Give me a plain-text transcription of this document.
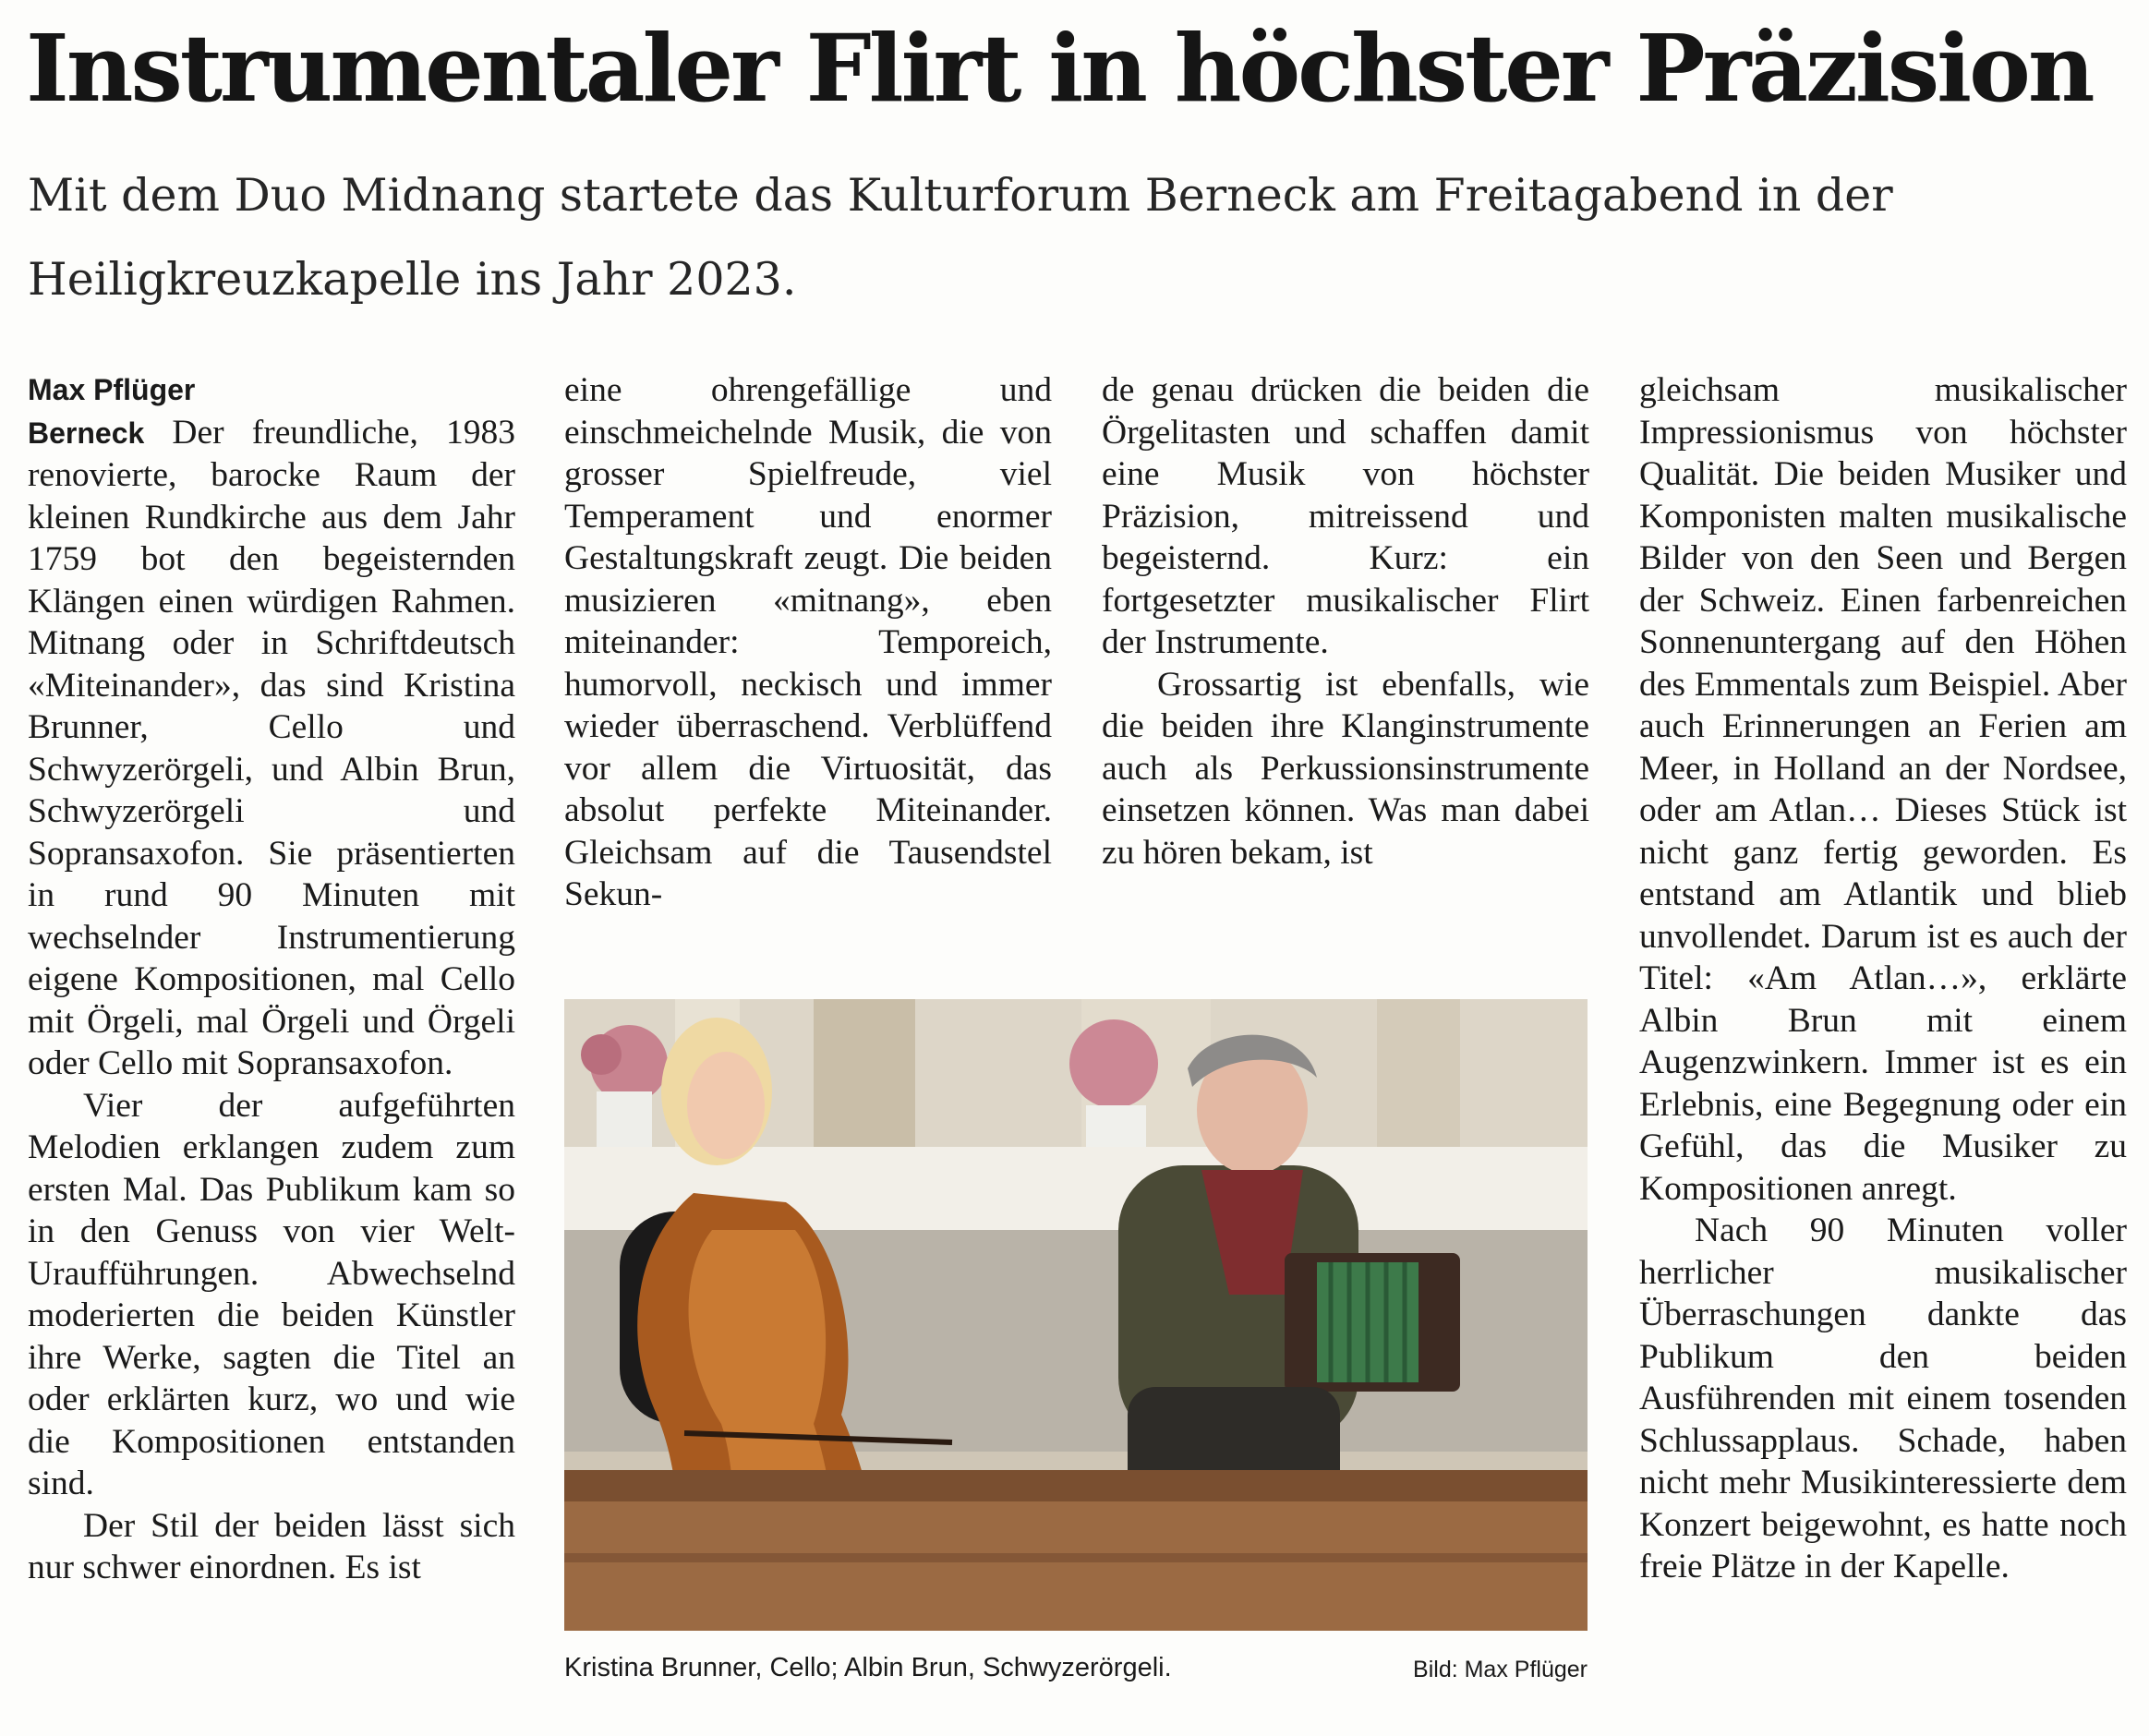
Instrumentaler Flirt in höchster Präzision

Mit dem Duo Midnang startete das Kulturforum Berneck am Freitagabend in der Heiligkreuzkapelle ins Jahr 2023.

Max Pflüger

Berneck Der freundliche, 1983 renovierte, barocke Raum der kleinen Rundkirche aus dem Jahr 1759 bot den begeisternden Klängen einen würdigen Rahmen. Mitnang oder in Schriftdeutsch «Miteinander», das sind Kristina Brunner, Cello und Schwyzerörgeli, und Albin Brun, Schwyzerörgeli und Sopransaxofon. Sie präsentierten in rund 90 Minuten mit wechselnder Instrumentierung eigene Kompositionen, mal Cello mit Örgeli, mal Örgeli und Örgeli oder Cello mit Sopransaxofon.

Vier der aufgeführten Melodien erklangen zudem zum ersten Mal. Das Publikum kam so in den Genuss von vier Welt-Uraufführungen. Abwechselnd moderierten die beiden Künstler ihre Werke, sagten die Titel an oder erklärten kurz, wo und wie die Kompositionen entstanden sind.

Der Stil der beiden lässt sich nur schwer einordnen. Es ist

eine ohrengefällige und einschmeichelnde Musik, die von grosser Spielfreude, viel Temperament und enormer Gestaltungskraft zeugt. Die beiden musizieren «mitnang», eben miteinander: Temporeich, humorvoll, neckisch und immer wieder überraschend. Verblüffend vor allem die Virtuosität, das absolut perfekte Miteinander. Gleichsam auf die Tausendstel Sekun-

de genau drücken die beiden die Örgelitasten und schaffen damit eine Musik von höchster Präzision, mitreissend und begeisternd. Kurz: ein fortgesetzter musikalischer Flirt der Instrumente.

Grossartig ist ebenfalls, wie die beiden ihre Klanginstrumente auch als Perkussionsinstrumente einsetzen können. Was man dabei zu hören bekam, ist

gleichsam musikalischer Impressionismus von höchster Qualität. Die beiden Musiker und Komponisten malten musikalische Bilder von den Seen und Bergen der Schweiz. Einen farbenreichen Sonnenuntergang auf den Höhen des Emmentals zum Beispiel. Aber auch Erinnerungen an Ferien am Meer, in Holland an der Nordsee, oder am Atlan… Dieses Stück ist nicht ganz fertig geworden. Es entstand am Atlantik und blieb unvollendet. Darum ist es auch der Titel: «Am Atlan…», erklärte Albin Brun mit einem Augenzwinkern. Immer ist es ein Erlebnis, eine Begegnung oder ein Gefühl, das die Musiker zu Kompositionen anregt.

Nach 90 Minuten voller herrlicher musikalischer Überraschungen dankte das Publikum den beiden Ausführenden mit einem tosenden Schlussapplaus. Schade, haben nicht mehr Musikinteressierte dem Konzert beigewohnt, es hatte noch freie Plätze in der Kapelle.

Kristina Brunner, Cello; Albin Brun, Schwyzerörgeli.	Bild: Max Pflüger
